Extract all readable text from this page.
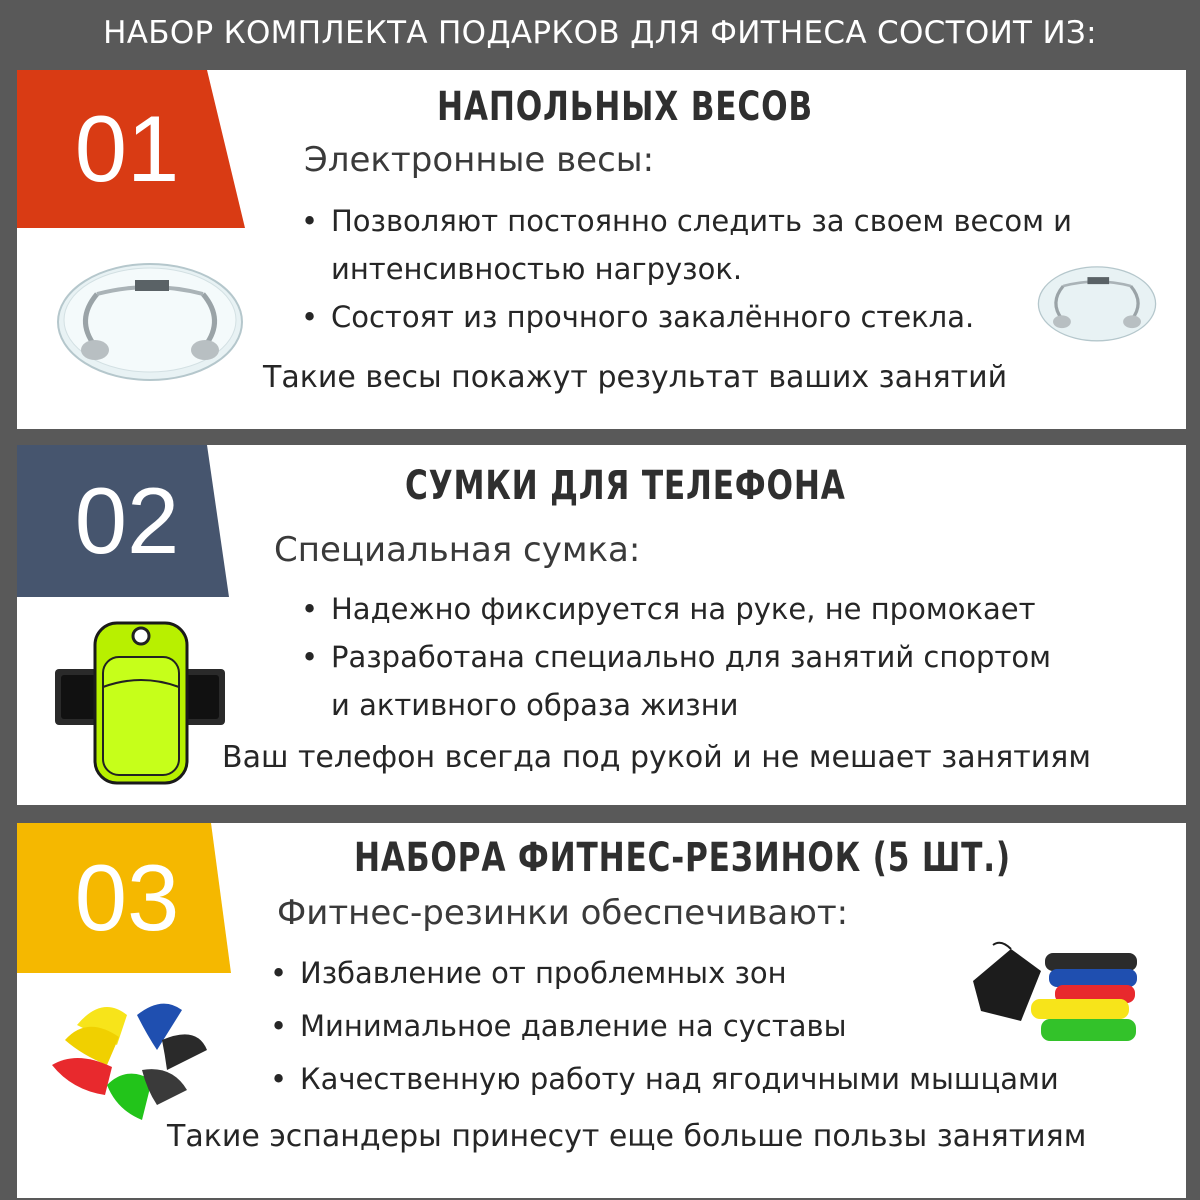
НАБОР КОМПЛЕКТА ПОДАРКОВ ДЛЯ ФИТНЕСА СОСТОИТ ИЗ:
01	НАПОЛЬНЫХ ВЕСОВ
Электронные весы:
• Позволяют постоянно следить за своем весом и
интенсивностью нагрузок.
• Состоят из прочного закалённого стекла.
Такие весы покажут результат ваших занятий
02	СУМКИ ДЛЯ ТЕЛЕФОНА
Специальная сумка:
• Надежно фиксируется на руке, не промокает
• Разработана специально для занятий спортом
и активного образа жизни
Ваш телефон всегда под рукой и не мешает занятиям
03	НАБОРА ФИТНЕС-РЕЗИНОК (5 ШТ.)
Фитнес-резинки обеспечивают:
• Избавление от проблемных зон
• Минимальное давление на суставы
• Качественную работу над ягодичными мышцами
Такие эспандеры принесут еще больше пользы занятиям
